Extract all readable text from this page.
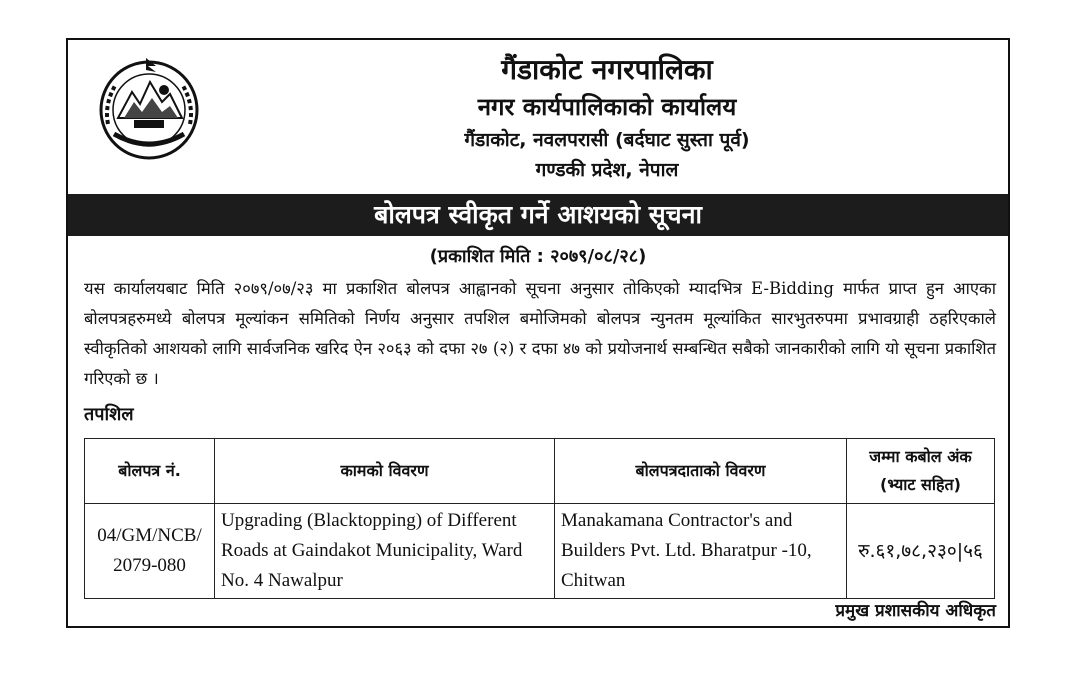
गैंडाकोट नगरपालिका
नगर कार्यपालिकाको कार्यालय
गैंडाकोट, नवलपरासी (बर्दघाट सुस्ता पूर्व)
गण्डकी प्रदेश, नेपाल
बोलपत्र स्वीकृत गर्ने आशयको सूचना
(प्रकाशित मिति : २०७९/०८/२८)
यस कार्यालयबाट मिति २०७९/०७/२३ मा प्रकाशित बोलपत्र आह्वानको सूचना अनुसार तोकिएको म्यादभित्र E-Bidding मार्फत प्राप्त हुन आएका बोलपत्रहरुमध्ये बोलपत्र मूल्यांकन समितिको निर्णय अनुसार तपशिल बमोजिमको बोलपत्र न्युनतम मूल्यांकित सारभुतरुपमा प्रभावग्राही ठहरिएकाले स्वीकृतिको आशयको लागि सार्वजनिक खरिद ऐन २०६३ को दफा २७ (२) र दफा ४७ को प्रयोजनार्थ सम्बन्धित सबैको जानकारीको लागि यो सूचना प्रकाशित गरिएको छ ।
तपशिल
बोलपत्र नं.	कामको विवरण	बोलपत्रदाताको विवरण	जम्मा कबोल अंक
(भ्याट सहित)
04/GM/NCB/
2079-080	Upgrading (Blacktopping) of Different Roads at Gaindakot Municipality, Ward No. 4 Nawalpur	Manakamana Contractor's and Builders Pvt. Ltd. Bharatpur -10, Chitwan	रु.६१,७८,२३०|५६
प्रमुख प्रशासकीय अधिकृत
